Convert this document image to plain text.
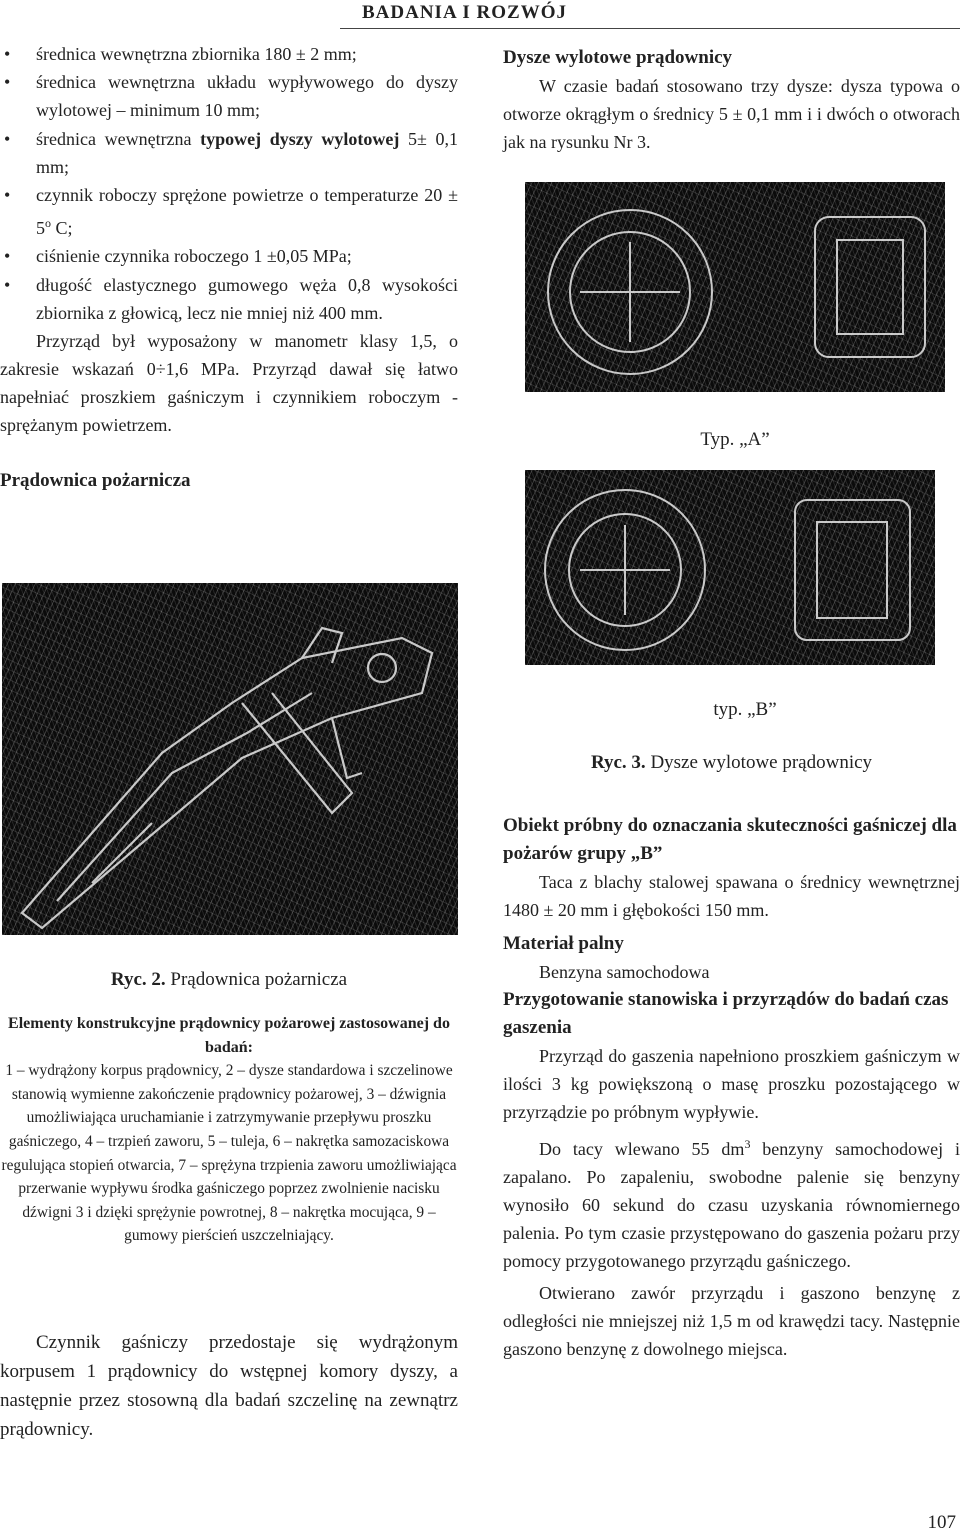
BADANIA I ROZWÓJ
• średnica wewnętrzna zbiornika 180 ± 2 mm;
• średnica wewnętrzna układu wypływowego do dyszy wylotowej – minimum 10 mm;
• średnica wewnętrzna typowej dyszy wylotowej 5± 0,1 mm;
• czynnik roboczy sprężone powietrze o temperaturze $20 \pm 5^o$ C;
• ciśnienie czynnika roboczego 1 ±0,05 MPa;
• długość elastycznego gumowego węża 0,8 wysokości zbiornika z głowicą, lecz nie mniej niż 400 mm.

Przyrząd był wyposażony w manometr klasy 1,5, o zakresie wskazań 0÷1,6 MPa. Przyrząd dawał się łatwo napełniać proszkiem gaśniczym i czynnikiem roboczym - sprężanym powietrzem.

Prądownica pożarnicza

Ryc. 2. Prądownica pożarnicza
Elementy konstrukcyjne prądownicy pożarowej zastosowanej do badań:
1 – wydrążony korpus prądownicy, 2 – dysze standardowa i szczelinowe stanowią wymienne zakończenie prądownicy pożarowej, 3 – dźwignia umożliwiająca uruchamianie i zatrzymywanie przepływu proszku gaśniczego, 4 – trzpień zaworu, 5 – tuleja, 6 – nakrętka samozaciskowa regulująca stopień otwarcia, 7 – sprężyna trzpienia zaworu umożliwiająca przerwanie wypływu środka gaśniczego poprzez zwolnienie nacisku dźwigni 3 i dzięki sprężynie powrotnej, 8 – nakrętka mocująca, 9 – gumowy pierścień uszczelniający.

Czynnik gaśniczy przedostaje się wydrążonym korpusem 1 prądownicy do wstępnej komory dyszy, a następnie przez stosowną dla badań szczelinę na zewnątrz prądownicy.

Dysze wylotowe prądownicy

W czasie badań stosowano trzy dysze: dysza typowa o otworze okrągłym o średnicy 5 ± 0,1 mm i i dwóch o otworach jak na rysunku Nr 3.

Typ. „A”
typ. „B”
Ryc. 3. Dysze wylotowe prądownicy

Obiekt próbny do oznaczania skuteczności gaśniczej dla pożarów grupy „B”

Taca z blachy stalowej spawana o średnicy wewnętrznej 1480 ± 20 mm i głębokości 150 mm.

Materiał palny

Benzyna samochodowa

Przygotowanie stanowiska i przyrządów do badań czas gaszenia

Przyrząd do gaszenia napełniono proszkiem gaśniczym w ilości 3 kg powiększoną o masę proszku pozostającego w przyrządzie po próbnym wypływie.

Do tacy wlewano 55 $dm^3$ benzyny samochodowej i zapalano. Po zapaleniu, swobodne palenie się benzyny wynosiło 60 sekund do czasu uzyskania równomiernego palenia. Po tym czasie przystępowano do gaszenia pożaru przy pomocy przygotowanego przyrządu gaśniczego.

Otwierano zawór przyrządu i gaszono benzynę z odległości nie mniejszej niż 1,5 m od krawędzi tacy. Następnie gaszono benzynę z dowolnego miejsca.

107
